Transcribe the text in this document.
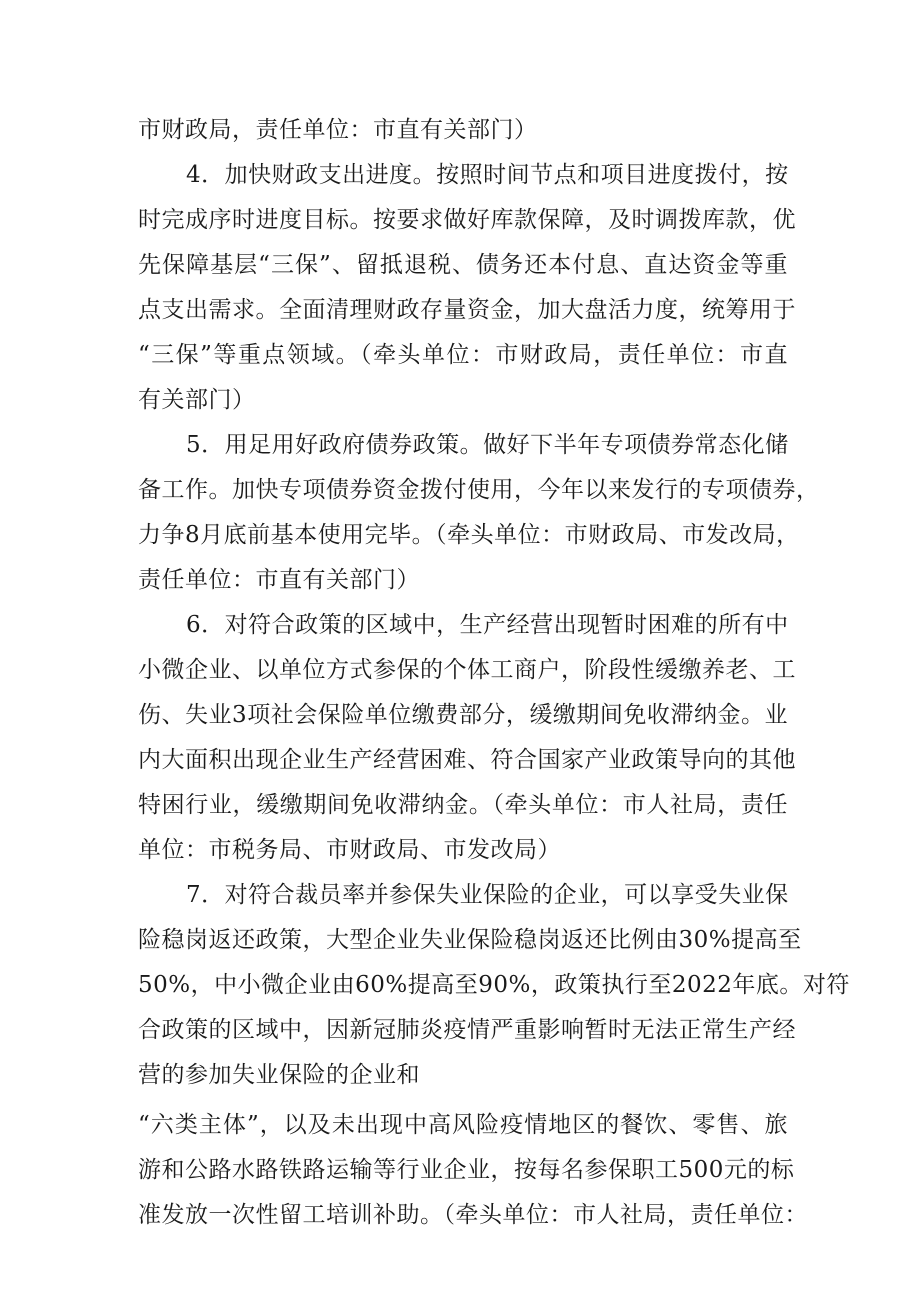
市财政局，责任单位：市直有关部门）
4．加快财政支出进度。按照时间节点和项目进度拨付，按
时完成序时进度目标。按要求做好库款保障，及时调拨库款，优
先保障基层“三保”、留抵退税、债务还本付息、直达资金等重
点支出需求。全面清理财政存量资金，加大盘活力度，统筹用于
“三保”等重点领域。（牵头单位：市财政局，责任单位：市直
有关部门）
5．用足用好政府债券政策。做好下半年专项债券常态化储
备工作。加快专项债券资金拨付使用，今年以来发行的专项债券，
力争8月底前基本使用完毕。（牵头单位：市财政局、市发改局，
责任单位：市直有关部门）
6．对符合政策的区域中，生产经营出现暂时困难的所有中
小微企业、以单位方式参保的个体工商户，阶段性缓缴养老、工
伤、失业3项社会保险单位缴费部分，缓缴期间免收滞纳金。业
内大面积出现企业生产经营困难、符合国家产业政策导向的其他
特困行业，缓缴期间免收滞纳金。（牵头单位：市人社局，责任
单位：市税务局、市财政局、市发改局）
7．对符合裁员率并参保失业保险的企业，可以享受失业保
险稳岗返还政策，大型企业失业保险稳岗返还比例由30%提高至
50%，中小微企业由60%提高至90%，政策执行至2022年底。对符
合政策的区域中，因新冠肺炎疫情严重影响暂时无法正常生产经
营的参加失业保险的企业和
“六类主体”，以及未出现中高风险疫情地区的餐饮、零售、旅
游和公路水路铁路运输等行业企业，按每名参保职工500元的标
准发放一次性留工培训补助。（牵头单位：市人社局，责任单位：
